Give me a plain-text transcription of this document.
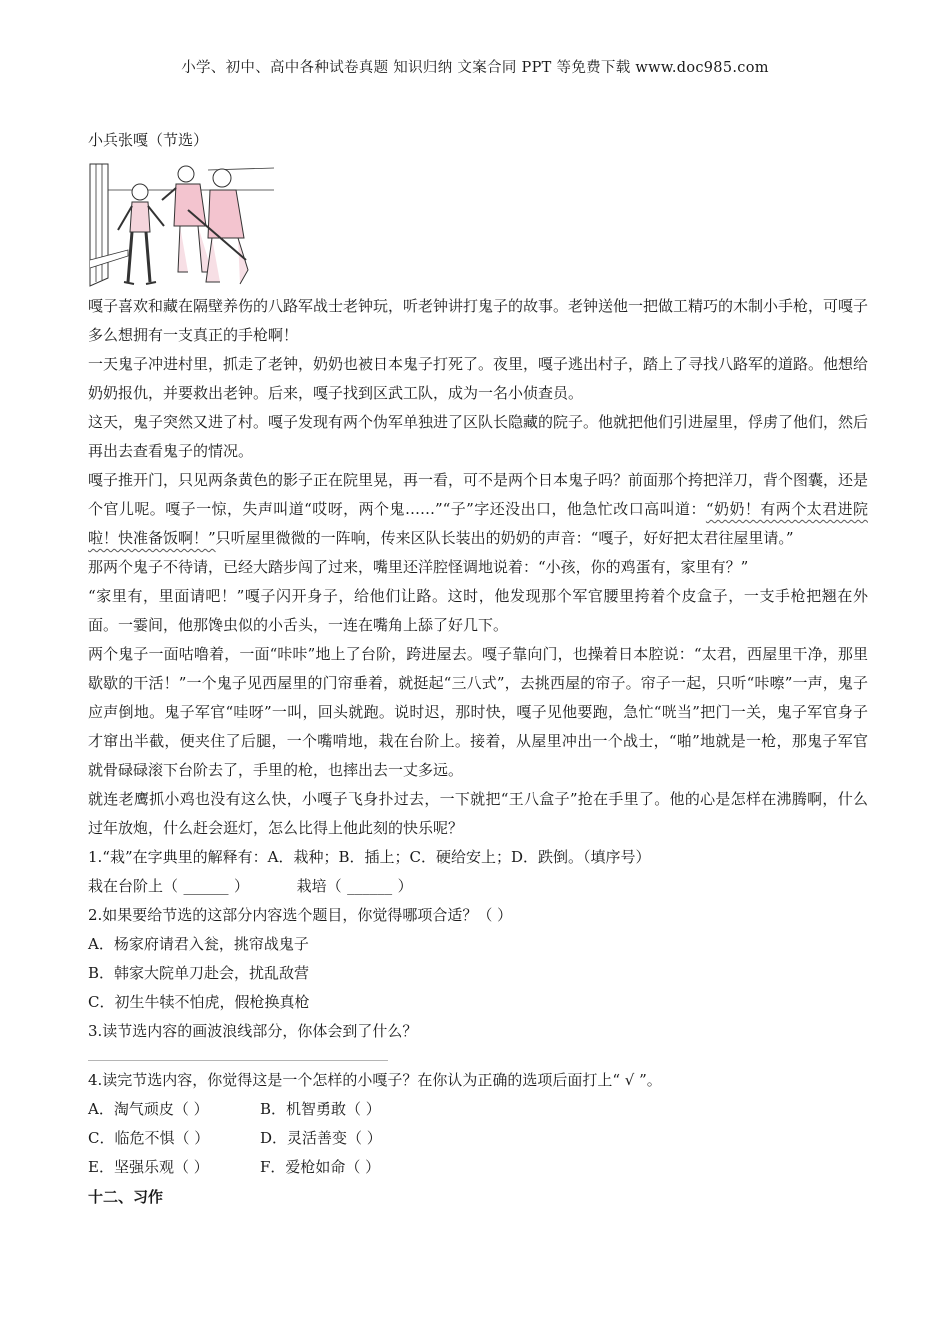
小学、初中、高中各种试卷真题 知识归纳 文案合同 PPT 等免费下载 www.doc985.com
小兵张嘎（节选）
嘎子喜欢和藏在隔壁养伤的八路军战士老钟玩，听老钟讲打鬼子的故事。老钟送他一把做工精巧的木制小手枪，可嘎子多么想拥有一支真正的手枪啊！
一天鬼子冲进村里，抓走了老钟，奶奶也被日本鬼子打死了。夜里，嘎子逃出村子，踏上了寻找八路军的道路。他想给奶奶报仇，并要救出老钟。后来，嘎子找到区武工队，成为一名小侦查员。
这天，鬼子突然又进了村。嘎子发现有两个伪军单独进了区队长隐藏的院子。他就把他们引进屋里，俘虏了他们，然后再出去查看鬼子的情况。
嘎子推开门，只见两条黄色的影子正在院里晃，再一看，可不是两个日本鬼子吗？前面那个挎把洋刀，背个图囊，还是个官儿呢。嘎子一惊，失声叫道“哎呀，两个鬼……”“子”字还没出口，他急忙改口高叫道：“奶奶！有两个太君进院啦！快准备饭啊！”只听屋里微微的一阵响，传来区队长装出的奶奶的声音：“嘎子，好好把太君往屋里请。”
那两个鬼子不待请，已经大踏步闯了过来，嘴里还洋腔怪调地说着：“小孩，你的鸡蛋有，家里有？”
“家里有，里面请吧！”嘎子闪开身子，给他们让路。这时，他发现那个军官腰里挎着个皮盒子，一支手枪把翘在外面。一霎间，他那馋虫似的小舌头，一连在嘴角上舔了好几下。
两个鬼子一面咕噜着，一面“咔咔”地上了台阶，跨进屋去。嘎子靠向门，也操着日本腔说：“太君，西屋里干净，那里歇歇的干活！”一个鬼子见西屋里的门帘垂着，就挺起“三八式”，去挑西屋的帘子。帘子一起，只听“咔嚓”一声，鬼子应声倒地。鬼子军官“哇呀”一叫，回头就跑。说时迟，那时快，嘎子见他要跑，急忙“咣当”把门一关，鬼子军官身子才窜出半截，便夹住了后腿，一个嘴啃地，栽在台阶上。接着，从屋里冲出一个战士，“啪”地就是一枪，那鬼子军官就骨碌碌滚下台阶去了，手里的枪，也摔出去一丈多远。
就连老鹰抓小鸡也没有这么快，小嘎子飞身扑过去，一下就把“王八盒子”抢在手里了。他的心是怎样在沸腾啊，什么过年放炮，什么赶会逛灯，怎么比得上他此刻的快乐呢？
1.“栽”在字典里的解释有：A．栽种；B．插上；C．硬给安上；D．跌倒。（填序号）
栽在台阶上（ ______ ）	栽培（ ______ ）
2.如果要给节选的这部分内容选个题目，你觉得哪项合适？（ ）
A．杨家府请君入瓮，挑帘战鬼子
B．韩家大院单刀赴会，扰乱敌营
C．初生牛犊不怕虎，假枪换真枪
3.读节选内容的画波浪线部分，你体会到了什么？
4.读完节选内容，你觉得这是一个怎样的小嘎子？在你认为正确的选项后面打上“ √ ”。
A．淘气顽皮（ ）	B．机智勇敢（ ）
C．临危不惧（ ）	D．灵活善变（ ）
E．坚强乐观（ ）	F．爱枪如命（ ）
十二、习作
